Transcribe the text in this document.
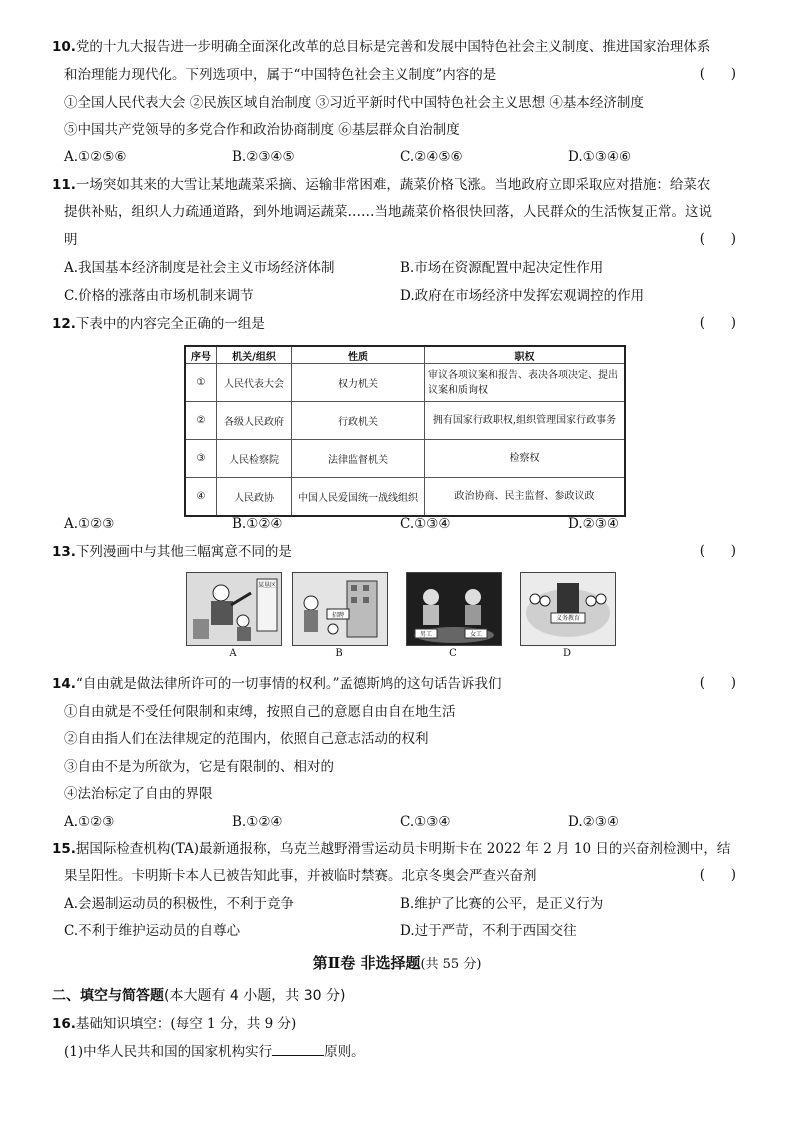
10.党的十九大报告进一步明确全面深化改革的总目标是完善和发展中国特色社会主义制度、推进国家治理体系
和治理能力现代化。下列选项中，属于“中国特色社会主义制度”内容的是	(      )
①全国人民代表大会 ②民族区域自治制度 ③习近平新时代中国特色社会主义思想 ④基本经济制度
⑤中国共产党领导的多党合作和政治协商制度 ⑥基层群众自治制度
A.①②⑤⑥	B.②③④⑤	C.②④⑤⑥	D.①③④⑥
11.一场突如其来的大雪让某地蔬菜采摘、运输非常困难，蔬菜价格飞涨。当地政府立即采取应对措施：给菜农
提供补贴，组织人力疏通道路，到外地调运蔬菜……当地蔬菜价格很快回落，人民群众的生活恢复正常。这说
明	(      )
A.我国基本经济制度是社会主义市场经济体制	B.市场在资源配置中起决定性作用
C.价格的涨落由市场机制来调节	D.政府在市场经济中发挥宏观调控的作用
12.下表中的内容完全正确的一组是	(      )
序号	机关/组织	性质	职权
①	人民代表大会	权力机关	审议各项议案和报告、表决各项决定、提出议案和质询权
②	各级人民政府	行政机关	拥有国家行政职权,组织管理国家行政事务
③	人民检察院	法律监督机关	检察权
④	人民政协	中国人民爱国统一战线组织	政治协商、民主监督、参政议政
A.①②③	B.①②④	C.①③④	D.②③④
13.下列漫画中与其他三幅寓意不同的是	(      )
某垦区
招聘
男工	女工
义务教育
A	B	C	D
14.“自由就是做法律所许可的一切事情的权利。”孟德斯鸠的这句话告诉我们	(      )
①自由就是不受任何限制和束缚，按照自己的意愿自由自在地生活
②自由指人们在法律规定的范围内，依照自己意志活动的权利
③自由不是为所欲为，它是有限制的、相对的
④法治标定了自由的界限
A.①②③	B.①②④	C.①③④	D.②③④
15.据国际检查机构(TA)最新通报称，乌克兰越野滑雪运动员卡明斯卡在 2022 年 2 月 10 日的兴奋剂检测中，结
果呈阳性。卡明斯卡本人已被告知此事，并被临时禁赛。北京冬奥会严查兴奋剂	(      )
A.会遏制运动员的积极性，不利于竞争	B.维护了比赛的公平，是正义行为
C.不利于维护运动员的自尊心	D.过于严苛，不利于西国交往
第Ⅱ卷 非选择题(共 55 分)
二、填空与简答题(本大题有 4 小题，共 30 分)
16.基础知识填空：(每空 1 分，共 9 分)
(1)中华人民共和国的国家机构实行	原则。
